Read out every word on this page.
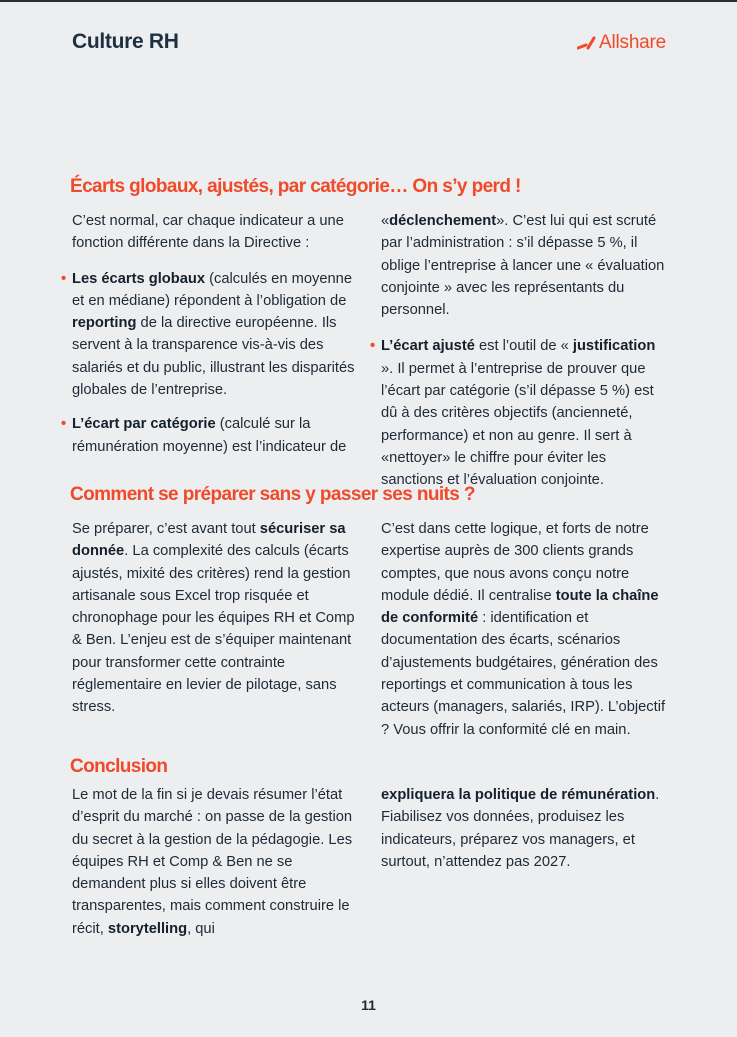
Culture RH	Allshare
Écarts globaux, ajustés, par catégorie… On s’y perd !

C’est normal, car chaque indicateur a une fonction différente dans la Directive :

• Les écarts globaux (calculés en moyenne et en médiane) répondent à l’obligation de reporting de la directive européenne. Ils servent à la transparence vis-à-vis des salariés et du public, illustrant les disparités globales de l’entreprise.

• L’écart par catégorie (calculé sur la rémunération moyenne) est l’indicateur de

«déclenchement». C’est lui qui est scruté par l’administration : s’il dépasse 5 %, il oblige l’entreprise à lancer une « évaluation conjointe » avec les représentants du personnel.

• L’écart ajusté est l’outil de « justification ». Il permet à l’entreprise de prouver que l’écart par catégorie (s’il dépasse 5 %) est dû à des critères objectifs (ancienneté, performance) et non au genre. Il sert à «nettoyer» le chiffre pour éviter les sanctions et l’évaluation conjointe.

Comment se préparer sans y passer ses nuits ?

Se préparer, c’est avant tout sécuriser sa donnée. La complexité des calculs (écarts ajustés, mixité des critères) rend la gestion artisanale sous Excel trop risquée et chronophage pour les équipes RH et Comp & Ben. L’enjeu est de s’équiper maintenant pour transformer cette contrainte réglementaire en levier de pilotage, sans stress.

C’est dans cette logique, et forts de notre expertise auprès de 300 clients grands comptes, que nous avons conçu notre module dédié. Il centralise toute la chaîne de conformité : identification et documentation des écarts, scénarios d’ajustements budgétaires, génération des reportings et communication à tous les acteurs (managers, salariés, IRP). L’objectif ? Vous offrir la conformité clé en main.

Conclusion

Le mot de la fin si je devais résumer l’état d’esprit du marché : on passe de la gestion du secret à la gestion de la pédagogie. Les équipes RH et Comp & Ben ne se demandent plus si elles doivent être transparentes, mais comment construire le récit, storytelling, qui

expliquera la politique de rémunération. Fiabilisez vos données, produisez les indicateurs, préparez vos managers, et surtout, n’attendez pas 2027.

11
